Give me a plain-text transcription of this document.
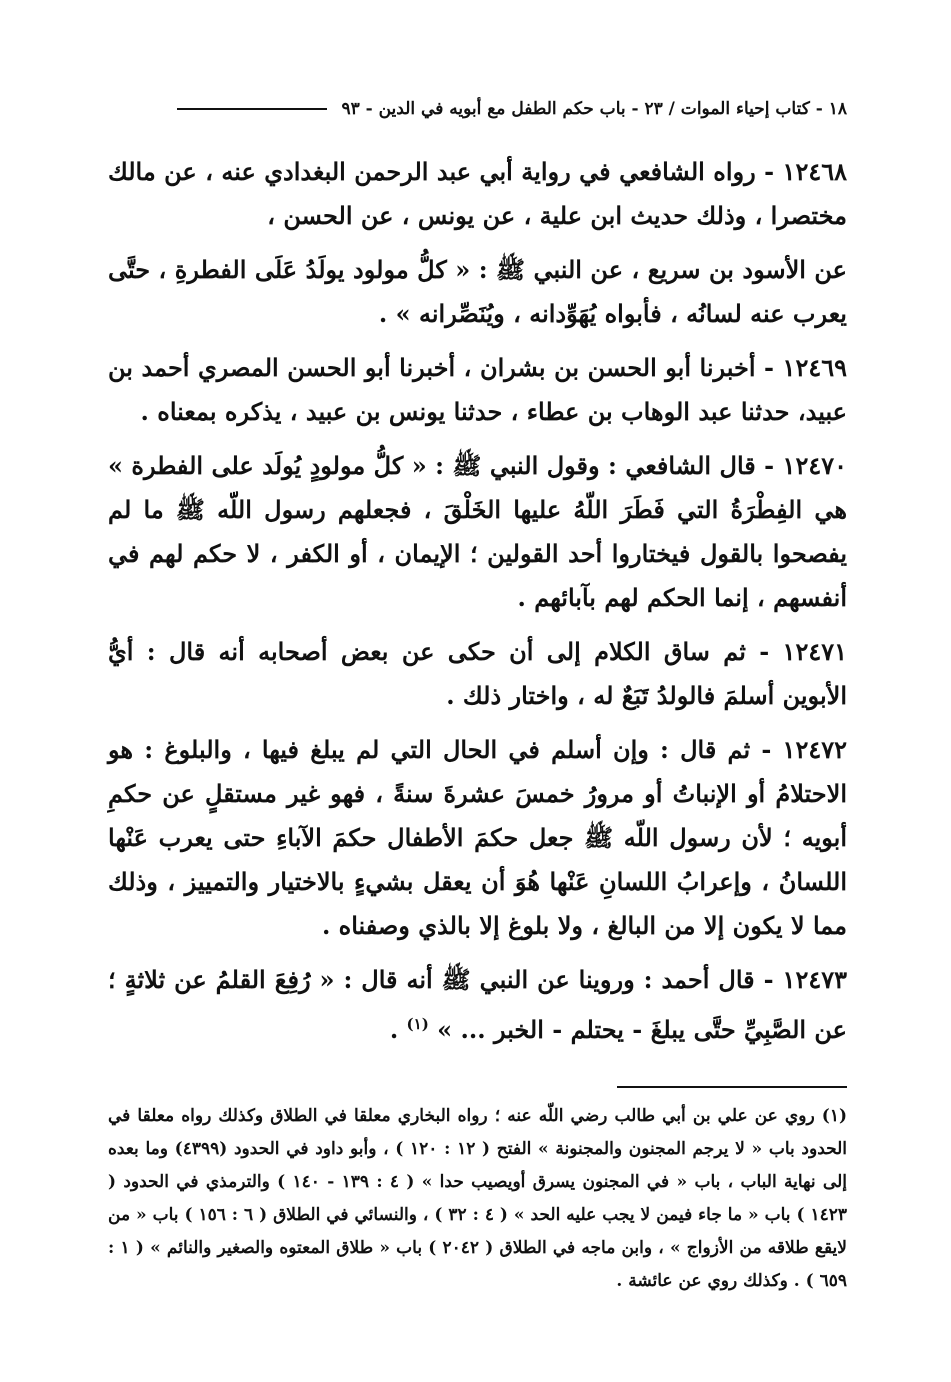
١٨ - كتاب إحياء الموات / ٢٣ - باب حكم الطفل مع أبويه في الدين - ٩٣

١٢٤٦٨ - رواه الشافعي في رواية أبي عبد الرحمن البغدادي عنه ، عن مالك مختصرا ، وذلك حديث ابن علية ، عن يونس ، عن الحسن ،

عن الأسود بن سريع ، عن النبي ﷺ : « كلُّ مولود يولَدُ عَلَى الفطرةِ ، حتَّى يعرب عنه لسانُه ، فأبواه يُهَوِّدانه ، ويُنَصِّرانه » .

١٢٤٦٩ - أخبرنا أبو الحسن بن بشران ، أخبرنا أبو الحسن المصري أحمد بن عبيد، حدثنا عبد الوهاب بن عطاء ، حدثنا يونس بن عبيد ، يذكره بمعناه .

١٢٤٧٠ - قال الشافعي : وقول النبي ﷺ : « كلُّ مولودٍ يُولَد على الفطرة » هي الفِطْرَةُ التي فَطَرَ اللّهُ عليها الخَلْقَ ، فجعلهم رسول اللّه ﷺ ما لم يفصحوا بالقول فيختاروا أحد القولين ؛ الإيمان ، أو الكفر ، لا حكم لهم في أنفسهم ، إنما الحكم لهم بآبائهم .

١٢٤٧١ - ثم ساق الكلام إلى أن حكى عن بعض أصحابه أنه قال : أيُّ الأبوين أسلمَ فالولدُ تَبَعٌ له ، واختار ذلك .

١٢٤٧٢ - ثم قال : وإن أسلم في الحال التي لم يبلغ فيها ، والبلوغ : هو الاحتلامُ أو الإنباتُ أو مرورُ خمسَ عشرةَ سنةً ، فهو غير مستقلٍ عن حكمِ أبويه ؛ لأن رسول اللّه ﷺ جعل حكمَ الأطفال حكمَ الآباءِ حتى يعرب عَنْها اللسانُ ، وإعرابُ اللسانِ عَنْها هُوَ أن يعقل بشيءٍ بالاختيار والتمييز ، وذلك مما لا يكون إلا من البالغ ، ولا بلوغ إلا بالذي وصفناه .

١٢٤٧٣ - قال أحمد : وروينا عن النبي ﷺ أنه قال : « رُفِعَ القلمُ عن ثلاثةٍ ؛ عن الصَّبِيِّ حتَّى يبلغَ - يحتلم - الخبر ... » $^{(١)}$ .

(١) روي عن علي بن أبي طالب رضي اللّه عنه ؛ رواه البخاري معلقا في الطلاق وكذلك رواه معلقا في الحدود باب « لا يرجم المجنون والمجنونة » الفتح ( ١٢ : ١٢٠ ) ، وأبو داود في الحدود (٤٣٩٩) وما بعده إلى نهاية الباب ، باب « في المجنون يسرق أويصيب حدا » ( ٤ : ١٣٩ - ١٤٠ ) والترمذي في الحدود ( ١٤٢٣ ) باب « ما جاء فيمن لا يجب عليه الحد » ( ٤ : ٣٢ ) ، والنسائي في الطلاق ( ٦ : ١٥٦ ) باب « من لايقع طلاقه من الأزواج » ، وابن ماجه في الطلاق ( ٢٠٤٢ ) باب « طلاق المعتوه والصغير والنائم » ( ١ : ٦٥٩ ) . وكذلك روي عن عائشة .
